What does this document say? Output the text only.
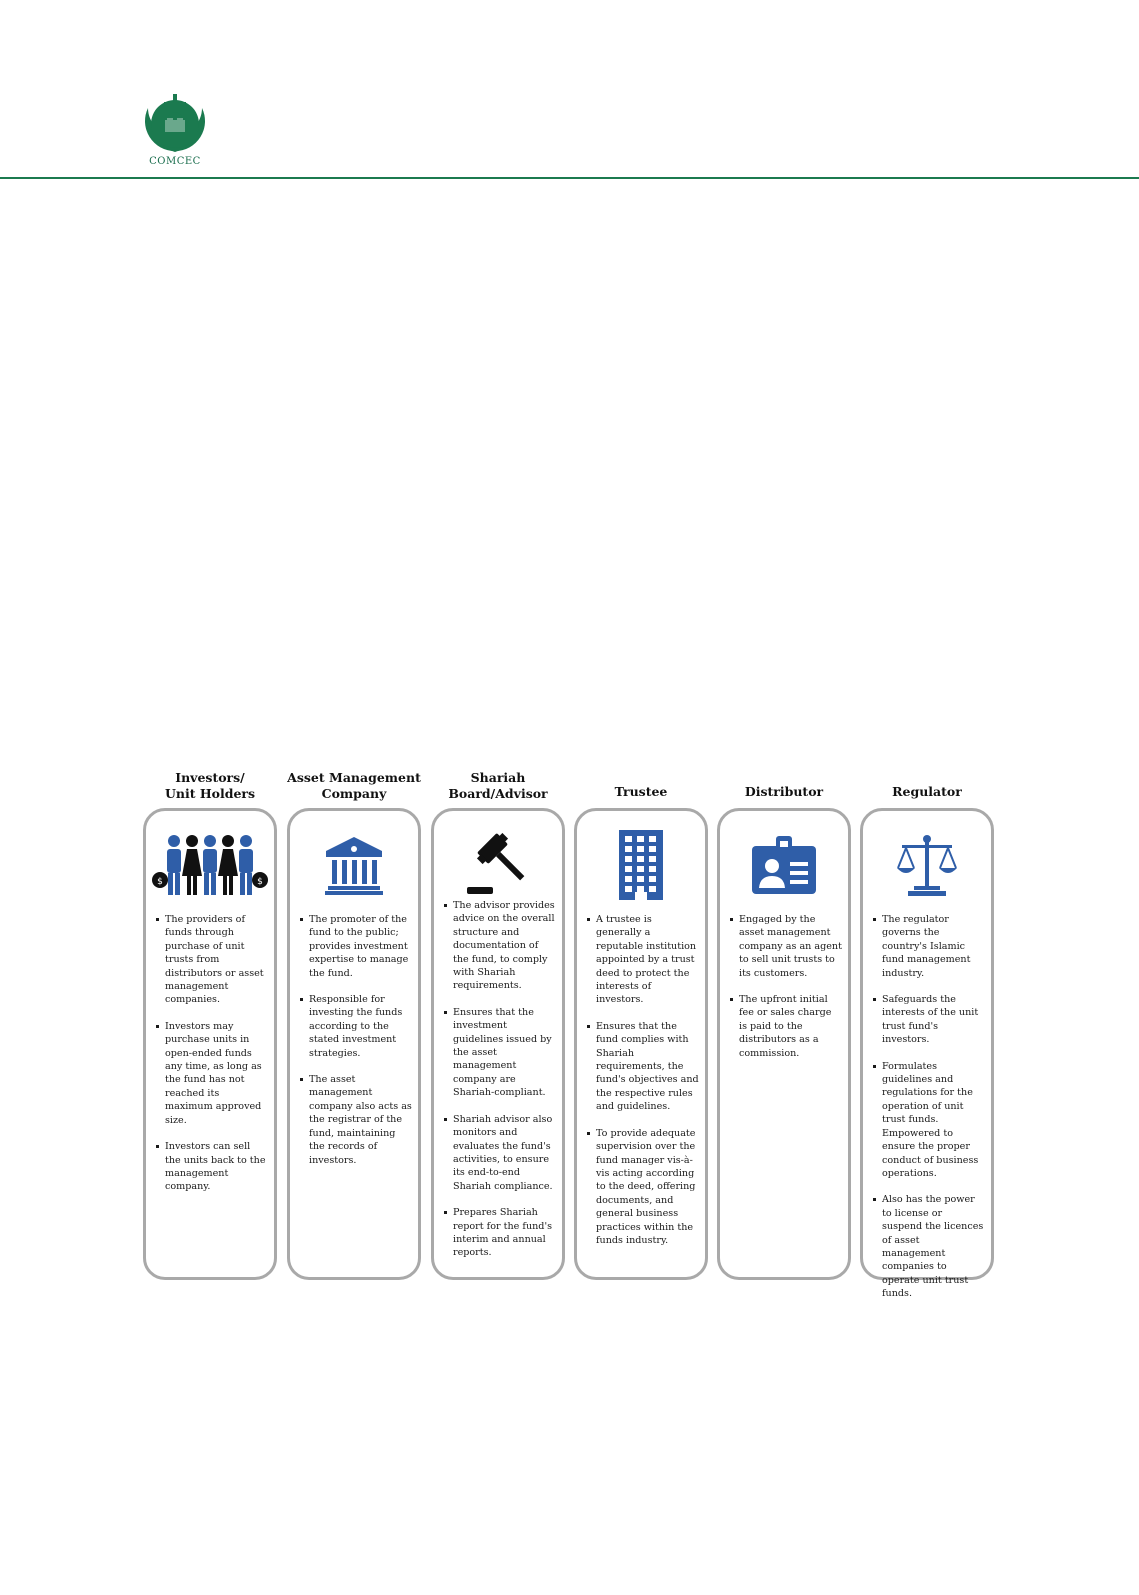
COMCEC
Investors/
Unit Holders
$	$
The providers of funds through purchase of unit trusts from distributors or asset management companies.
Investors may purchase units in open-ended funds any time, as long as the fund has not reached its maximum approved size.
Investors can sell the units back to the management company.
Asset Management
Company
The promoter of the fund to the public; provides investment expertise to manage the fund.
Responsible for investing the funds according to the stated investment strategies.
The asset management company also acts as the registrar of the fund, maintaining the records of investors.
Shariah
Board/Advisor
The advisor provides advice on the overall structure and documentation of the fund, to comply with Shariah requirements.
Ensures that the investment guidelines issued by the asset management company are Shariah-compliant.
Shariah advisor also monitors and evaluates the fund's activities, to ensure its end-to-end Shariah compliance.
Prepares Shariah report for the fund's interim and annual reports.
Trustee
A trustee is generally a reputable institution appointed by a trust deed to protect the interests of investors.
Ensures that the fund complies with Shariah requirements, the fund's objectives and the respective rules and guidelines.
To provide adequate supervision over the fund manager vis-à-vis acting according to the deed, offering documents, and general business practices within the funds industry.
Distributor
Engaged by the asset management company as an agent to sell unit trusts to its customers.
The upfront initial fee or sales charge is paid to the distributors as a commission.
Regulator
The regulator governs the country's Islamic fund management industry.
Safeguards the interests of the unit trust fund's investors.
Formulates guidelines and regulations for the operation of unit trust funds. Empowered to ensure the proper conduct of business operations.
Also has the power to license or suspend the licences of asset management companies to operate unit trust funds.
